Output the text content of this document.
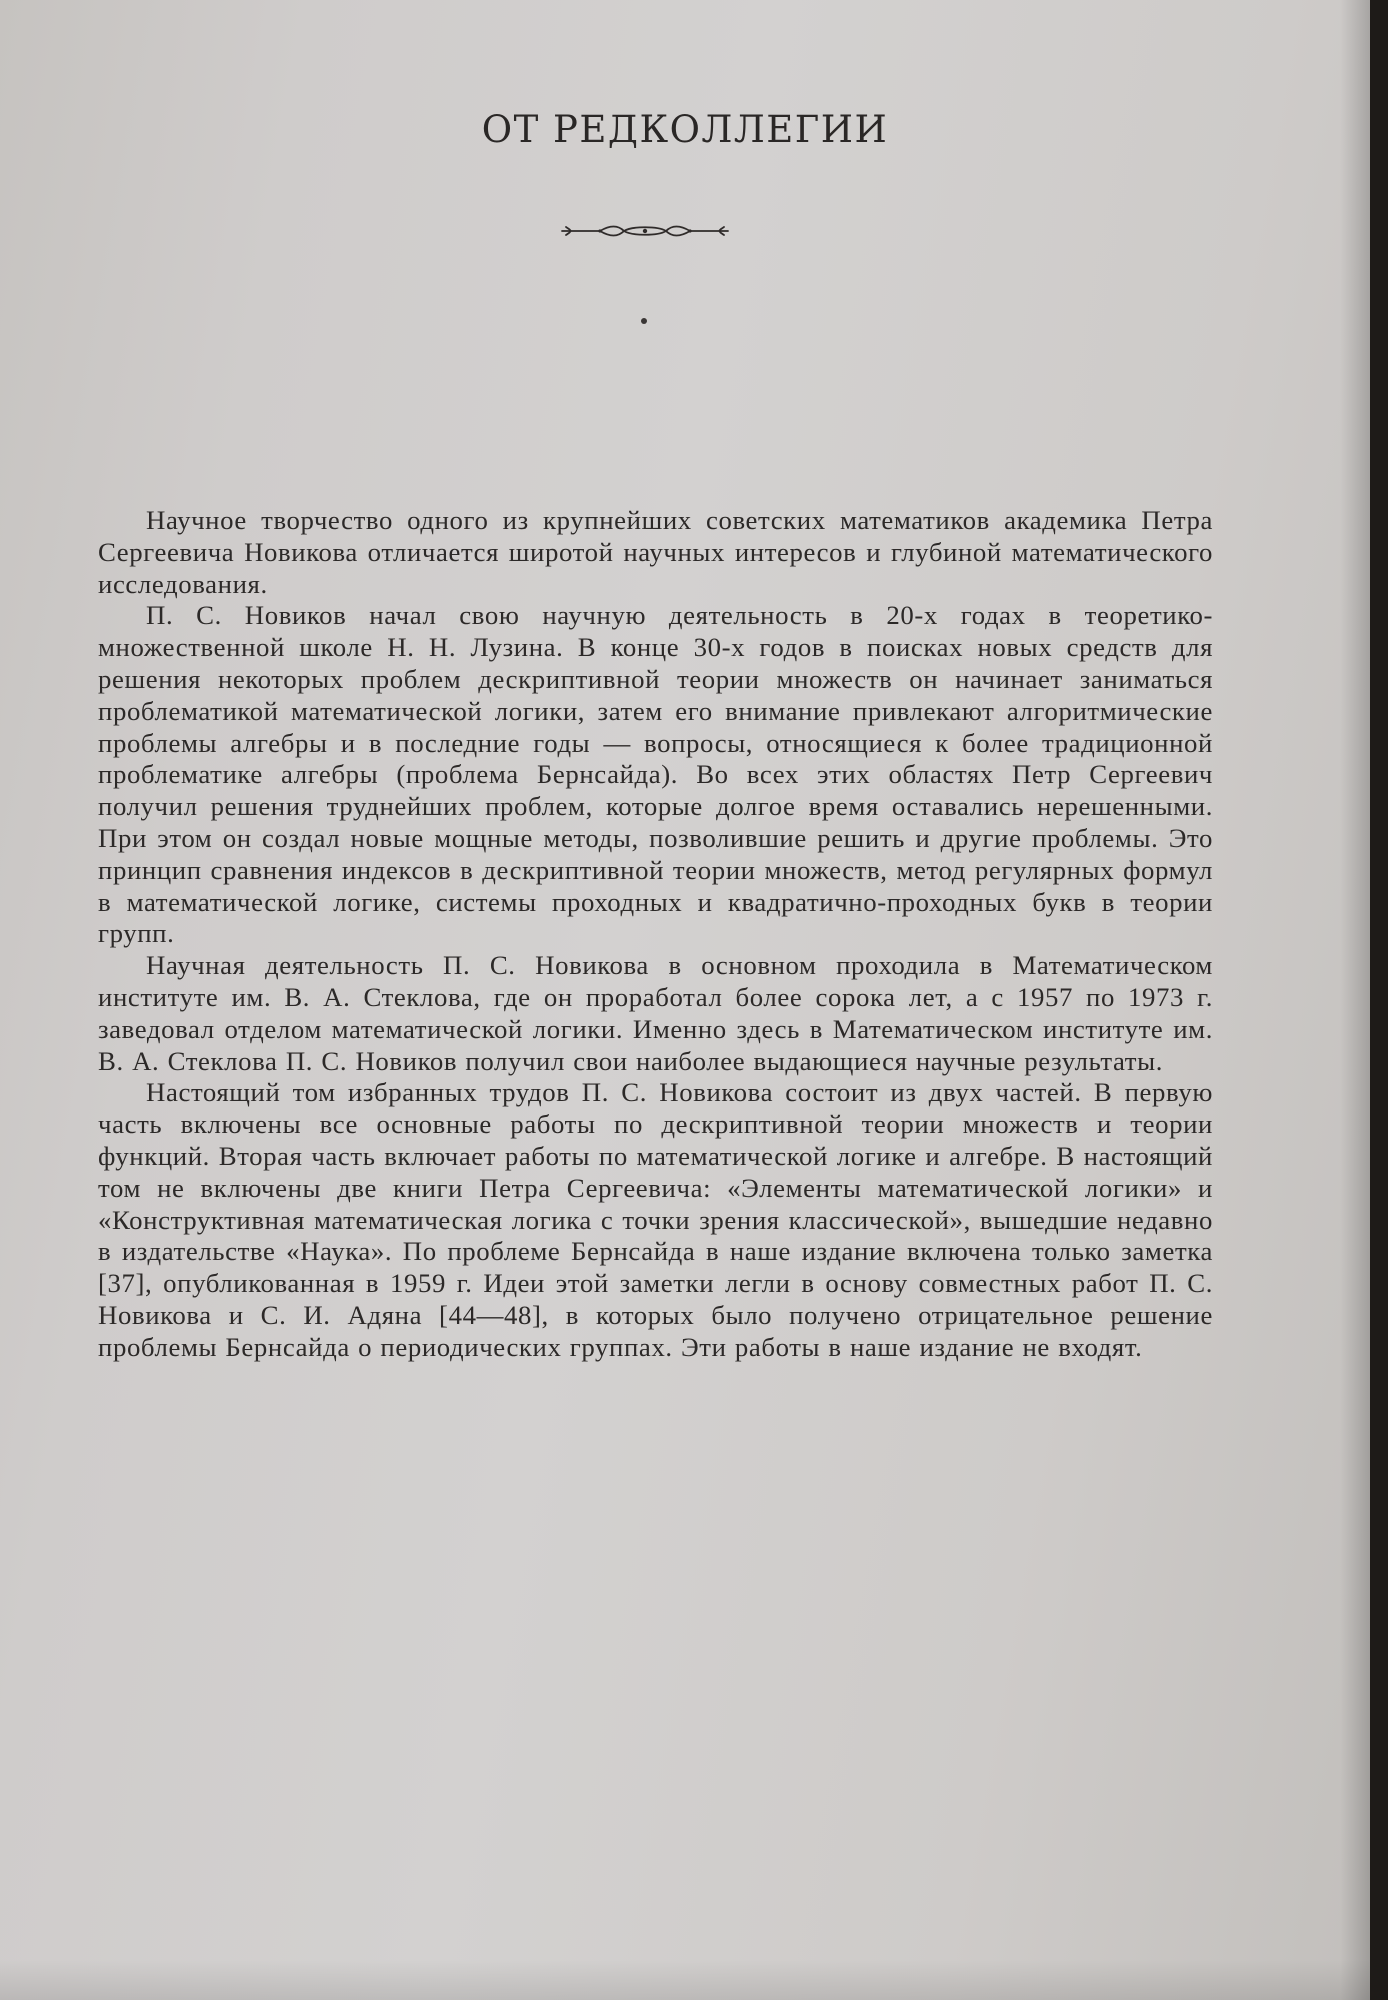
ОТ РЕДКОЛЛЕГИИ

Научное творчество одного из крупнейших советских математиков академика Петра Сергеевича Новикова отличается широтой научных интересов и глубиной математического исследования.

П. С. Новиков начал свою научную деятельность в 20-х годах в теоретико-множественной школе Н. Н. Лузина. В конце 30-х годов в поисках новых средств для решения некоторых проблем дескриптивной теории множеств он начинает заниматься проблематикой математической логики, затем его внимание привлекают алгоритмические проблемы алгебры и в последние годы — вопросы, относящиеся к более традиционной проблематике алгебры (проблема Бернсайда). Во всех этих областях Петр Сергеевич получил решения труднейших проблем, которые долгое время оставались нерешенными. При этом он создал новые мощные методы, позволившие решить и другие проблемы. Это принцип сравнения индексов в дескриптивной теории множеств, метод регулярных формул в математической логике, системы проходных и квадратично-проходных букв в теории групп.

Научная деятельность П. С. Новикова в основном проходила в Математическом институте им. В. А. Стеклова, где он проработал более сорока лет, а с 1957 по 1973 г. заведовал отделом математической логики. Именно здесь в Математическом институте им. В. А. Стеклова П. С. Новиков получил свои наиболее выдающиеся научные результаты.

Настоящий том избранных трудов П. С. Новикова состоит из двух частей. В первую часть включены все основные работы по дескриптивной теории множеств и теории функций. Вторая часть включает работы по математической логике и алгебре. В настоящий том не включены две книги Петра Сергеевича: «Элементы математической логики» и «Конструктивная математическая логика с точки зрения классической», вышедшие недавно в издательстве «Наука». По проблеме Бернсайда в наше издание включена только заметка [37], опубликованная в 1959 г. Идеи этой заметки легли в основу совместных работ П. С. Новикова и С. И. Адяна [44—48], в которых было получено отрицательное решение проблемы Бернсайда о периодических группах. Эти работы в наше издание не входят.
